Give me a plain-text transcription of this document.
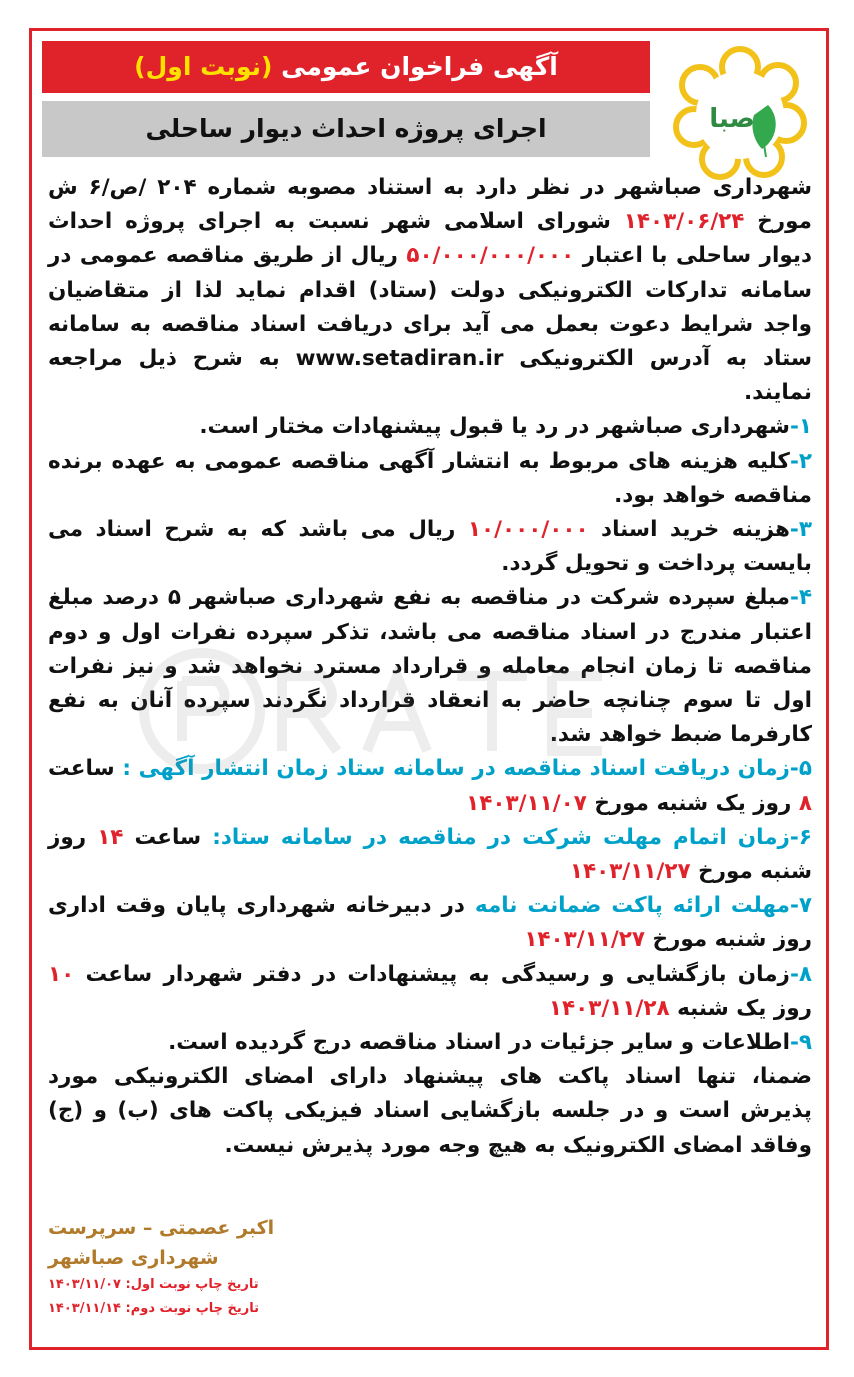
صبا
آگهی فراخوان عمومی (نوبت اول)
اجرای پروژه احداث دیوار ساحلی

شهرداری صباشهر در نظر دارد به استناد مصوبه شماره ۲۰۴ /ص/۶ ش مورخ ۱۴۰۳/۰۶/۲۴ شورای اسلامی شهر نسبت به اجرای پروژه احداث دیوار ساحلی با اعتبار ۵۰/۰۰۰/۰۰۰/۰۰۰ ریال از طریق مناقصه عمومی در سامانه تدارکات الکترونیکی دولت (ستاد) اقدام نماید لذا از متقاضیان واجد شرایط دعوت بعمل می آید برای دریافت اسناد مناقصه به سامانه ستاد به آدرس الکترونیکی www.setadiran.ir به شرح ذیل مراجعه نمایند.

۱-شهرداری صباشهر در رد یا قبول پیشنهادات مختار است.

۲-کلیه هزینه های مربوط به انتشار آگهی مناقصه عمومی به عهده برنده مناقصه خواهد بود.

۳-هزینه خرید اسناد ۱۰/۰۰۰/۰۰۰ ریال می باشد که به شرح اسناد می بایست پرداخت و تحویل گردد.

۴-مبلغ سپرده شرکت در مناقصه به نفع شهرداری صباشهر ۵ درصد مبلغ اعتبار مندرج در اسناد مناقصه می باشد، تذکر سپرده نفرات اول و دوم مناقصه تا زمان انجام معامله و قرارداد مسترد نخواهد شد و نیز نفرات اول تا سوم چنانچه حاضر به انعقاد قرارداد نگردند سپرده آنان به نفع کارفرما ضبط خواهد شد.

۵-زمان دریافت اسناد مناقصه در سامانه ستاد زمان انتشار آگهی : ساعت ۸ روز یک شنبه مورخ ۱۴۰۳/۱۱/۰۷

۶-زمان اتمام مهلت شرکت در مناقصه در سامانه ستاد: ساعت ۱۴ روز شنبه مورخ ۱۴۰۳/۱۱/۲۷

۷-مهلت ارائه پاکت ضمانت نامه در دبیرخانه شهرداری پایان وقت اداری روز شنبه مورخ ۱۴۰۳/۱۱/۲۷

۸-زمان بازگشایی و رسیدگی به پیشنهادات در دفتر شهردار ساعت ۱۰ روز یک شنبه ۱۴۰۳/۱۱/۲۸

۹-اطلاعات و سایر جزئیات در اسناد مناقصه درج گردیده است.

ضمنا، تنها اسناد پاکت های پیشنهاد دارای امضای الکترونیکی مورد پذیرش است و در جلسه بازگشایی اسناد فیزیکی پاکت های (ب) و (ج) وفاقد امضای الکترونیک به هیچ وجه مورد پذیرش نیست.

اکبر عصمتی – سرپرست شهرداری صباشهر
تاریخ چاپ نوبت اول: ۱۴۰۳/۱۱/۰۷
تاریخ چاپ نوبت دوم: ۱۴۰۳/۱۱/۱۴
